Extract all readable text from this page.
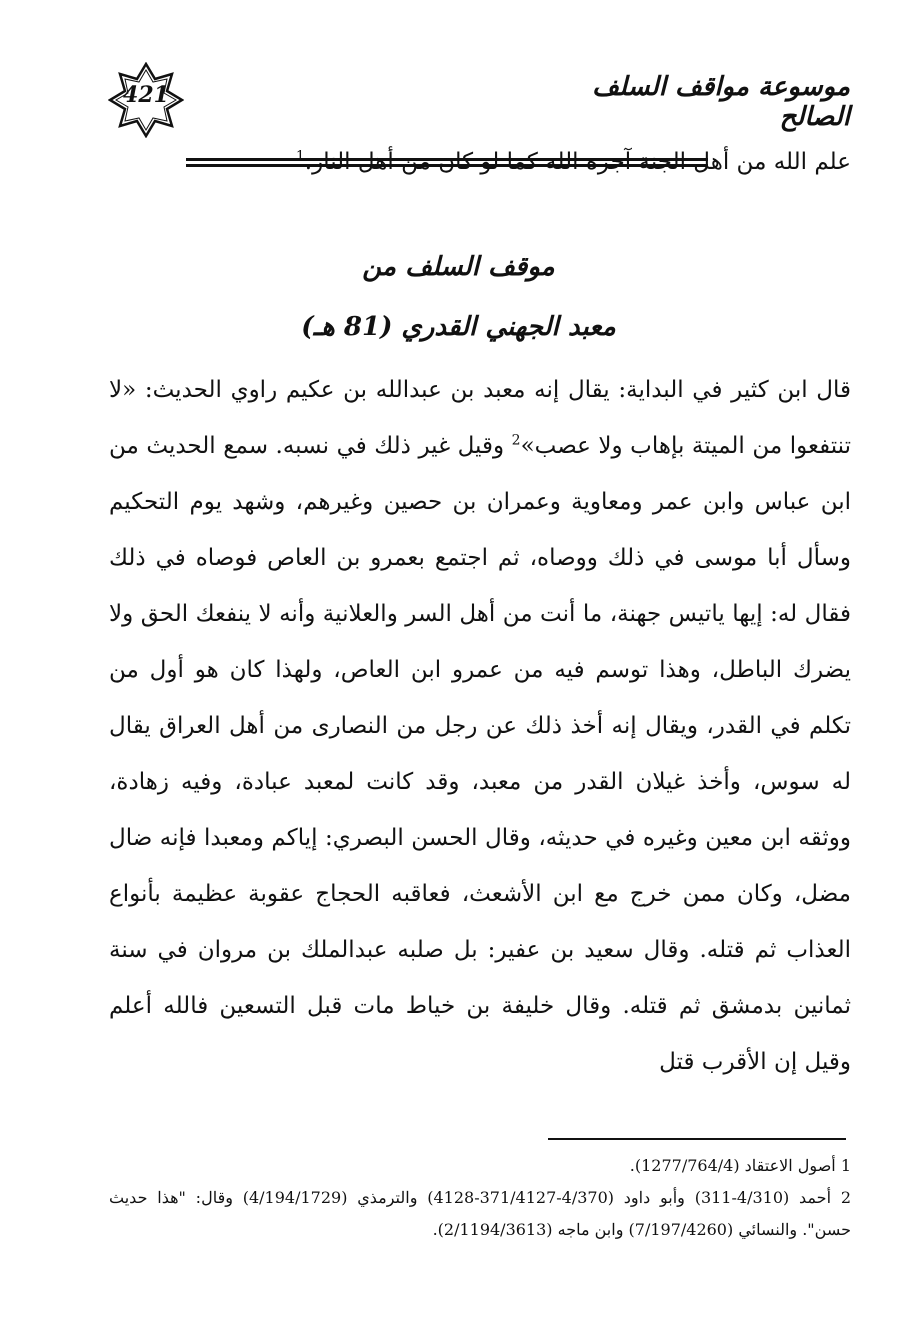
421	موسوعة مواقف السلف الصالح
علم الله من أهل الجنة آجره الله كما لو كان من أهل النار.$^1$
موقف السلف من
معبد الجهني القدري (81 هـ)
قال ابن كثير في البداية: يقال إنه معبد بن عبدالله بن عكيم راوي الحديث: «لا تنتفعوا من الميتة بإهاب ولا عصب»$^2$ وقيل غير ذلك في نسبه. سمع الحديث من ابن عباس وابن عمر ومعاوية وعمران بن حصين وغيرهم، وشهد يوم التحكيم وسأل أبا موسى في ذلك ووصاه، ثم اجتمع بعمرو بن العاص فوصاه في ذلك فقال له: إيها ياتيس جهنة، ما أنت من أهل السر والعلانية وأنه لا ينفعك الحق ولا يضرك الباطل، وهذا توسم فيه من عمرو ابن العاص، ولهذا كان هو أول من تكلم في القدر، ويقال إنه أخذ ذلك عن رجل من النصارى من أهل العراق يقال له سوس، وأخذ غيلان القدر من معبد، وقد كانت لمعبد عبادة، وفيه زهادة، ووثقه ابن معين وغيره في حديثه، وقال الحسن البصري: إياكم ومعبدا فإنه ضال مضل، وكان ممن خرج مع ابن الأشعث، فعاقبه الحجاج عقوبة عظيمة بأنواع العذاب ثم قتله. وقال سعيد بن عفير: بل صلبه عبدالملك بن مروان في سنة ثمانين بدمشق ثم قتله. وقال خليفة بن خياط مات قبل التسعين فالله أعلم وقيل إن الأقرب قتل

1 أصول الاعتقاد (1277/764/4).

2 أحمد (4/310-311) وأبو داود (4/370-371/4127-4128) والترمذي (4/194/1729) وقال: "هذا حديث حسن". والنسائي (7/197/4260) وابن ماجه (2/1194/3613).
